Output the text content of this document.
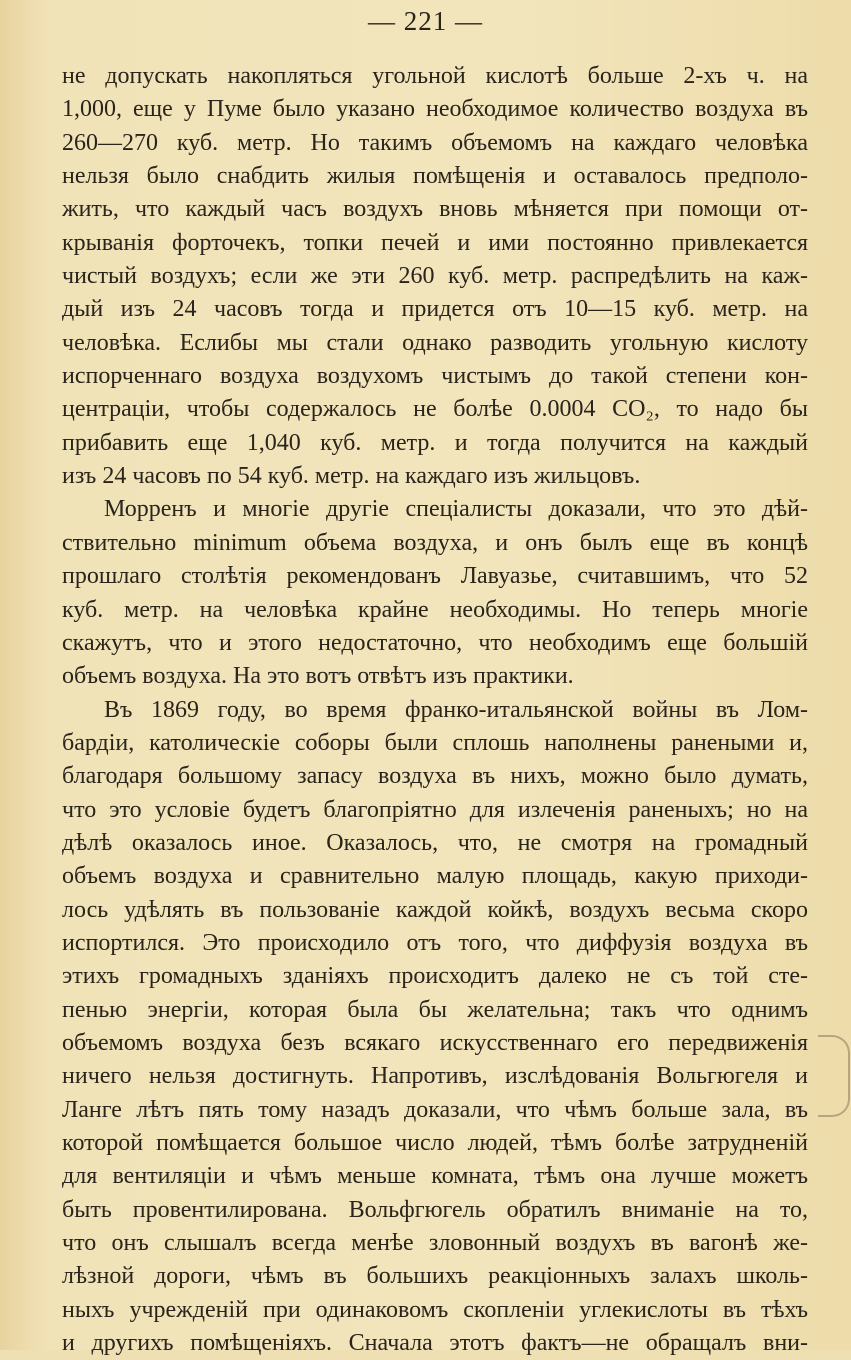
— 221 —
не допускать накопляться угольной кислотѣ больше 2-хъ ч. на
1,000, еще у Пуме было указано необходимое количество воздуха въ
260—270 куб. метр. Но такимъ объемомъ на каждаго человѣка
нельзя было снабдить жилыя помѣщенія и оставалось предполо-
жить, что каждый часъ воздухъ вновь мѣняется при помощи от-
крыванія форточекъ, топки печей и ими постоянно привлекается
чистый воздухъ; если же эти 260 куб. метр. распредѣлить на каж-
дый изъ 24 часовъ тогда и придется отъ 10—15 куб. метр. на
человѣка. Еслибы мы стали однако разводить угольную кислоту
испорченнаго воздуха воздухомъ чистымъ до такой степени кон-
центраціи, чтобы содержалось не болѣе 0.0004 CO₂, то надо бы
прибавить еще 1,040 куб. метр. и тогда получится на каждый
изъ 24 часовъ по 54 куб. метр. на каждаго изъ жильцовъ.
Морренъ и многіе другіе спеціалисты доказали, что это дѣй-
ствительно minimum объема воздуха, и онъ былъ еще въ концѣ
прошлаго столѣтія рекомендованъ Лавуазье, считавшимъ, что 52
куб. метр. на человѣка крайне необходимы. Но теперь многіе
скажутъ, что и этого недостаточно, что необходимъ еще большій
объемъ воздуха. На это вотъ отвѣтъ изъ практики.
Въ 1869 году, во время франко-итальянской войны въ Лом-
бардіи, католическіе соборы были сплошь наполнены ранеными и,
благодаря большому запасу воздуха въ нихъ, можно было думать,
что это условіе будетъ благопріятно для излеченія раненыхъ; но на
дѣлѣ оказалось иное. Оказалось, что, не смотря на громадный
объемъ воздуха и сравнительно малую площадь, какую приходи-
лось удѣлять въ пользованіе каждой койкѣ, воздухъ весьма скоро
испортился. Это происходило отъ того, что диффузія воздуха въ
этихъ громадныхъ зданіяхъ происходитъ далеко не съ той сте-
пенью энергіи, которая была бы желательна; такъ что однимъ
объемомъ воздуха безъ всякаго искусственнаго его передвиженія
ничего нельзя достигнуть. Напротивъ, изслѣдованія Вольгюгеля и
Ланге лѣтъ пять тому назадъ доказали, что чѣмъ больше зала, въ
которой помѣщается большое число людей, тѣмъ болѣе затрудненій
для вентиляціи и чѣмъ меньше комната, тѣмъ она лучше можетъ
быть провентилирована. Вольфгюгель обратилъ вниманіе на то,
что онъ слышалъ всегда менѣе зловонный воздухъ въ вагонѣ же-
лѣзной дороги, чѣмъ въ большихъ реакціонныхъ залахъ школь-
ныхъ учрежденій при одинаковомъ скопленіи углекислоты въ тѣхъ
и другихъ помѣщеніяхъ. Сначала этотъ фактъ—не обращалъ вни-
